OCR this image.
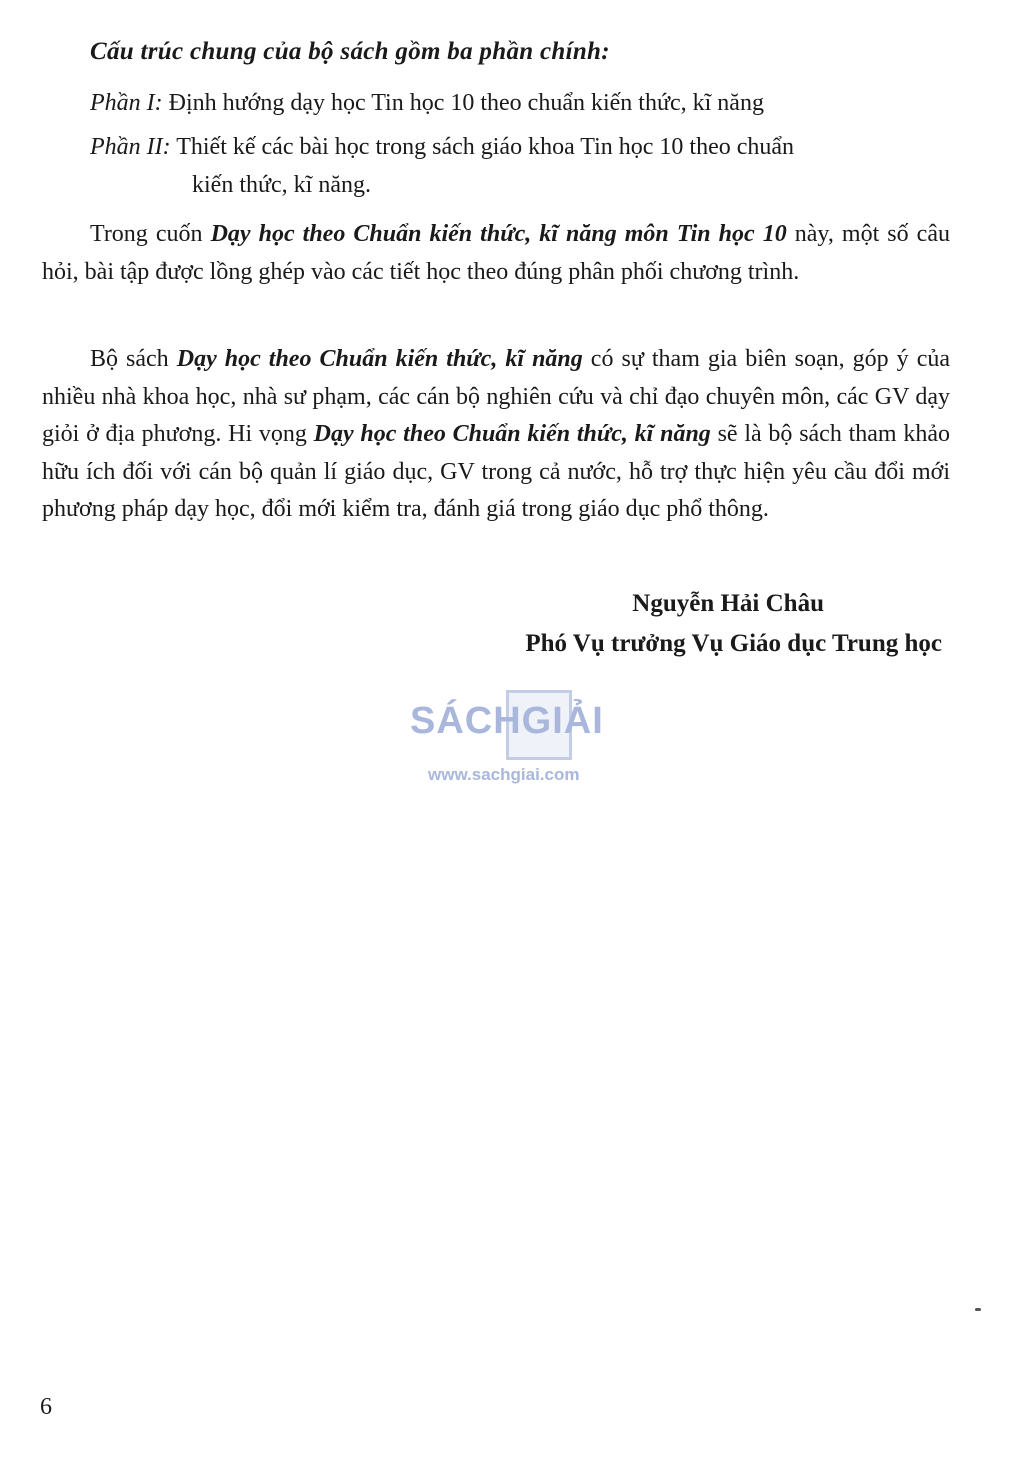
Cấu trúc chung của bộ sách gồm ba phần chính:
Phần I: Định hướng dạy học Tin học 10 theo chuẩn kiến thức, kĩ năng
Phần II: Thiết kế các bài học trong sách giáo khoa Tin học 10 theo chuẩn
kiến thức, kĩ năng.

Trong cuốn Dạy học theo Chuẩn kiến thức, kĩ năng môn Tin học 10 này, một số câu hỏi, bài tập được lồng ghép vào các tiết học theo đúng phân phối chương trình.

Bộ sách Dạy học theo Chuẩn kiến thức, kĩ năng có sự tham gia biên soạn, góp ý của nhiều nhà khoa học, nhà sư phạm, các cán bộ nghiên cứu và chỉ đạo chuyên môn, các GV dạy giỏi ở địa phương. Hi vọng Dạy học theo Chuẩn kiến thức, kĩ năng sẽ là bộ sách tham khảo hữu ích đối với cán bộ quản lí giáo dục, GV trong cả nước, hỗ trợ thực hiện yêu cầu đổi mới phương pháp dạy học, đổi mới kiểm tra, đánh giá trong giáo dục phổ thông.

Nguyễn Hải Châu
Phó Vụ trưởng Vụ Giáo dục Trung học
SÁCHGIẢI
www.sachgiai.com
6
